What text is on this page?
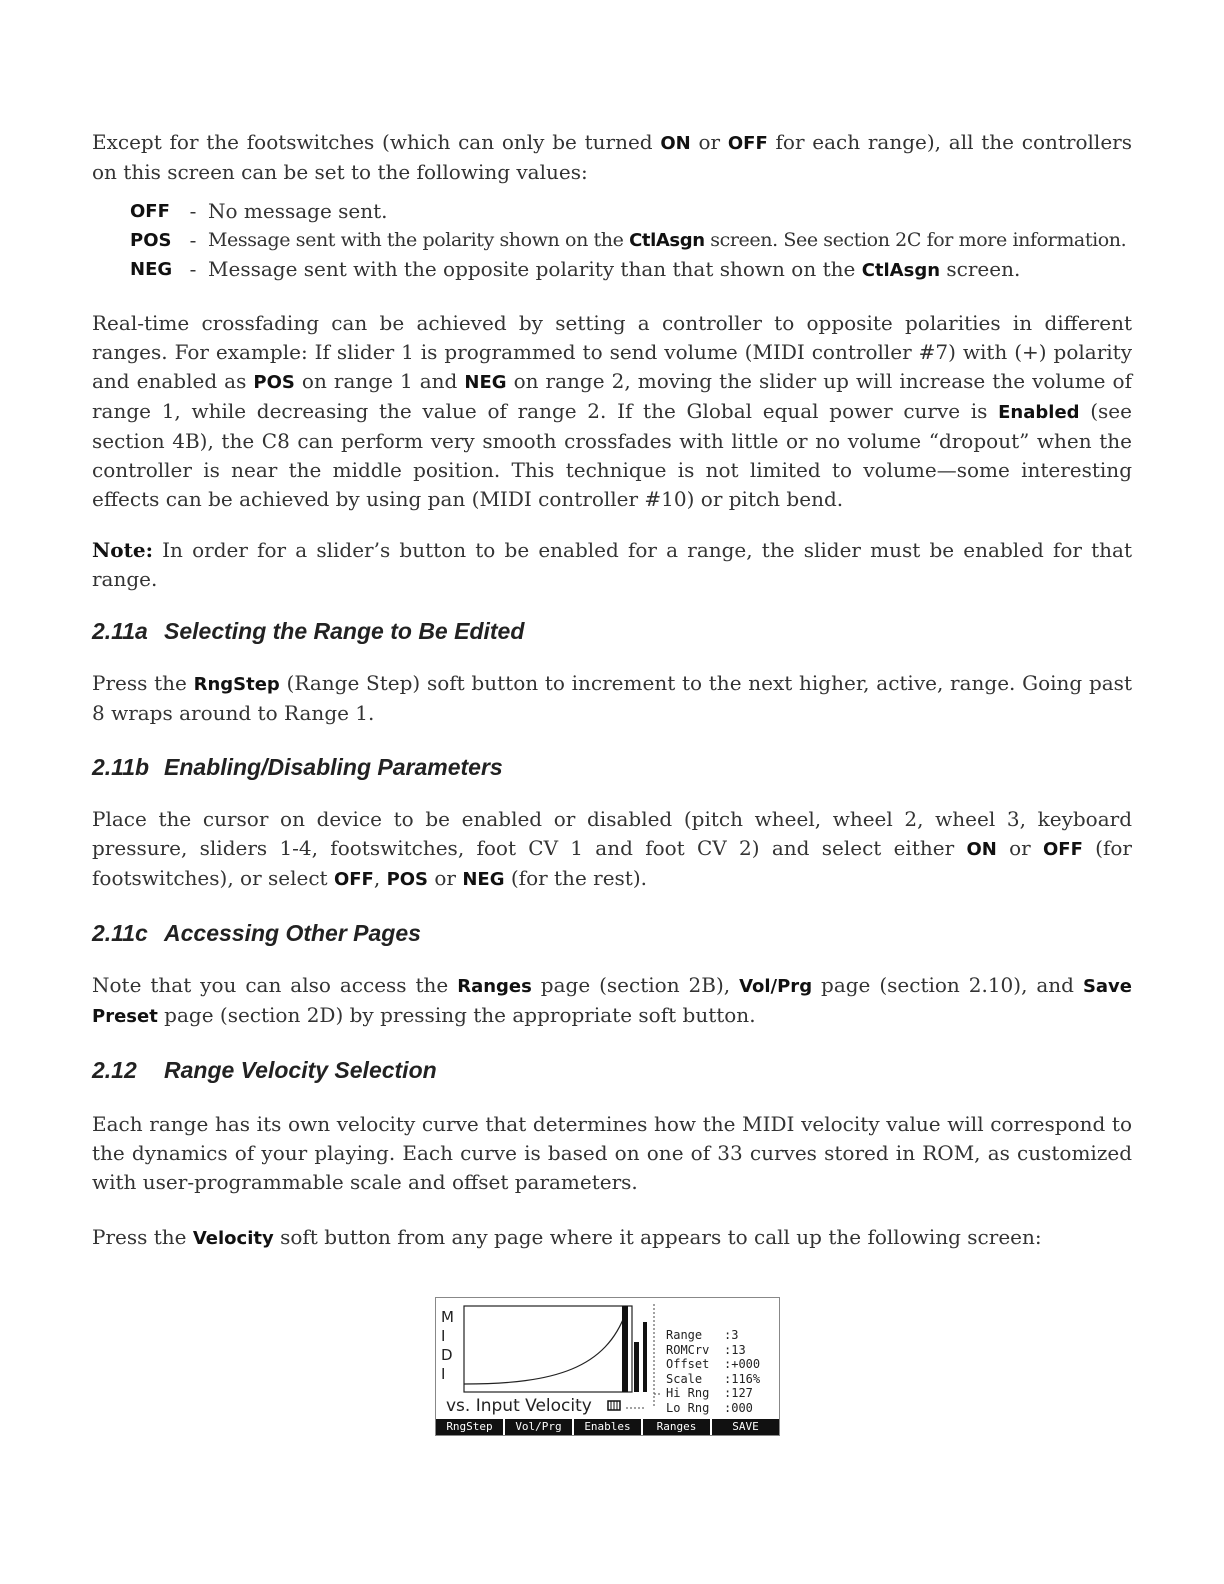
Except for the footswitches (which can only be turned ON or OFF for each range), all the controllers on this screen can be set to the following values:

OFF - No message sent.
POS - Message sent with the polarity shown on the CtlAsgn screen. See section 2C for more information.
NEG - Message sent with the opposite polarity than that shown on the CtlAsgn screen.

Real-time crossfading can be achieved by setting a controller to opposite polarities in different ranges. For example: If slider 1 is programmed to send volume (MIDI controller #7) with (+) polarity and enabled as POS on range 1 and NEG on range 2, moving the slider up will increase the volume of range 1, while decreasing the value of range 2. If the Global equal power curve is Enabled (see section 4B), the C8 can perform very smooth crossfades with little or no volume “dropout” when the controller is near the middle position. This technique is not limited to volume—some interesting effects can be achieved by using pan (MIDI controller #10) or pitch bend.

Note: In order for a slider’s button to be enabled for a range, the slider must be enabled for that range.

2.11a Selecting the Range to Be Edited

Press the RngStep (Range Step) soft button to increment to the next higher, active, range. Going past 8 wraps around to Range 1.

2.11b Enabling/Disabling Parameters

Place the cursor on device to be enabled or disabled (pitch wheel, wheel 2, wheel 3, keyboard pressure, sliders 1-4, footswitches, foot CV 1 and foot CV 2) and select either ON or OFF (for footswitches), or select OFF, POS or NEG (for the rest).

2.11c Accessing Other Pages

Note that you can also access the Ranges page (section 2B), Vol/Prg page (section 2.10), and Save Preset page (section 2D) by pressing the appropriate soft button.

2.12 Range Velocity Selection

Each range has its own velocity curve that determines how the MIDI velocity value will correspond to the dynamics of your playing. Each curve is based on one of 33 curves stored in ROM, as customized with user-programmable scale and offset parameters.

Press the Velocity soft button from any page where it appears to call up the following screen:

M
I
D
I
vs. Input Velocity
Range :3
ROMCrv :13
Offset :+000
Scale :116%
Hi Rng :127
Lo Rng :000
RngStep	Vol/Prg	Enables	Ranges	SAVE
